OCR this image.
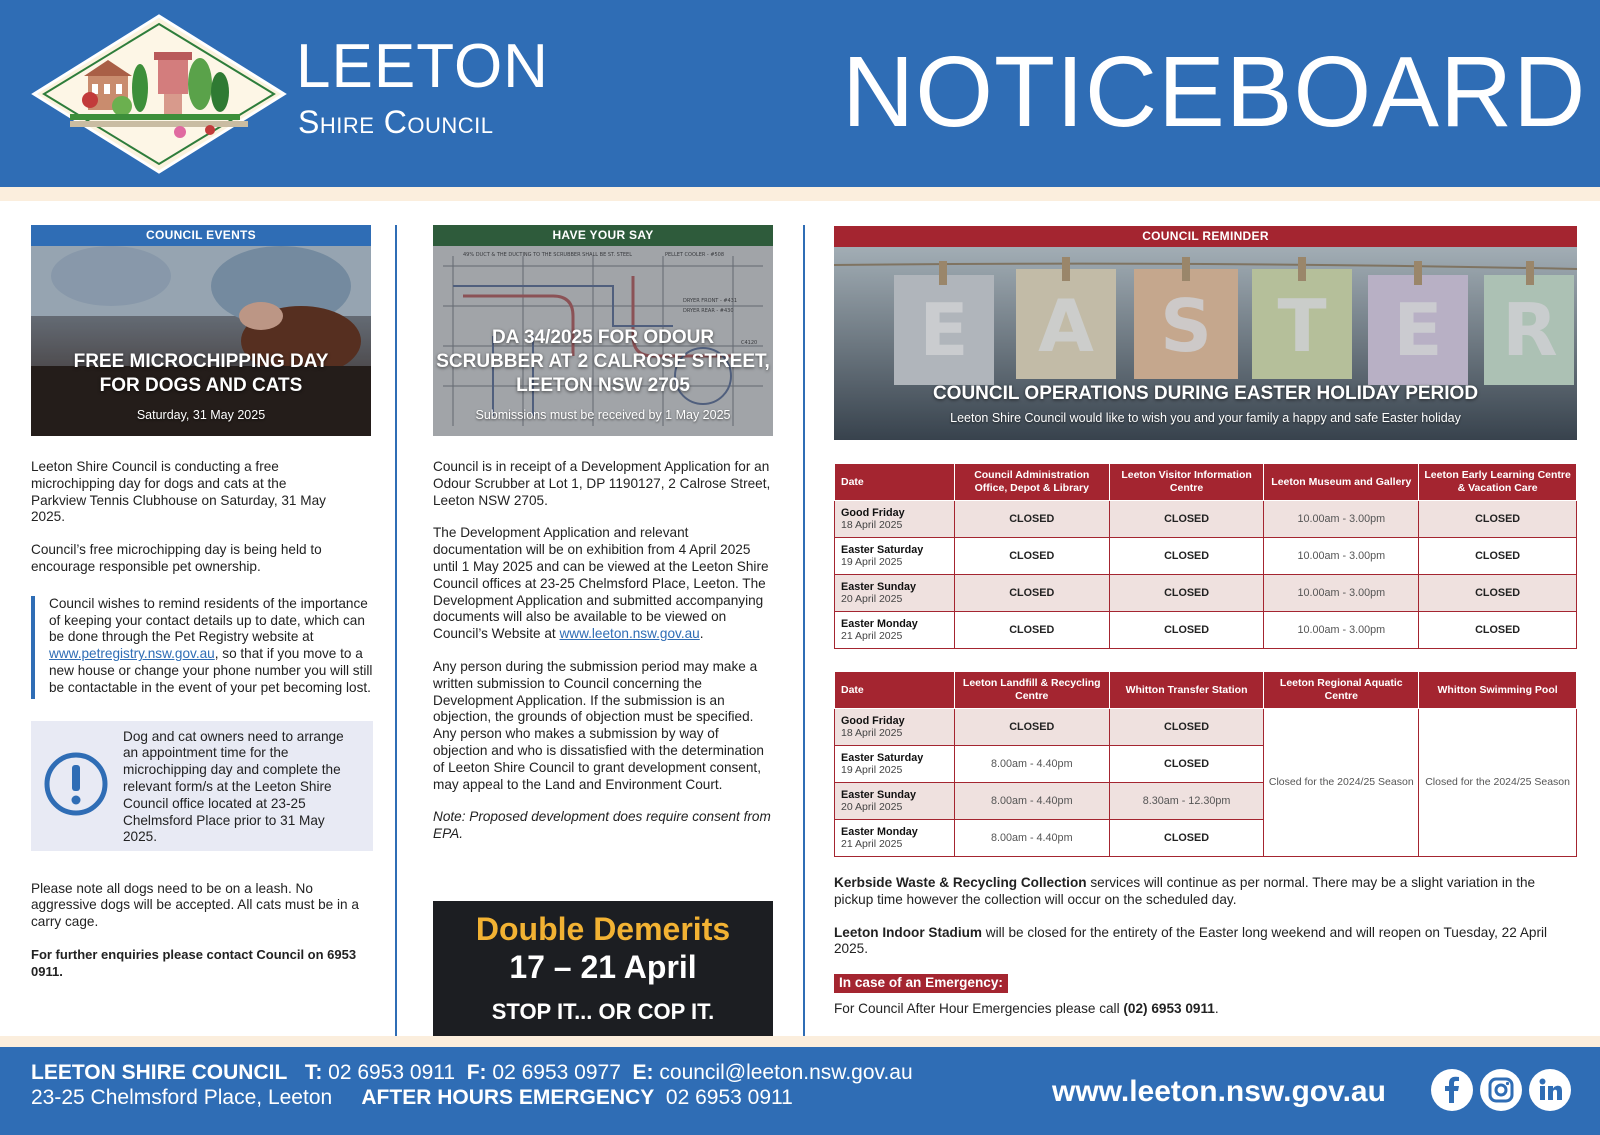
LEETON
Shire Council	NOTICEBOARD
COUNCIL EVENTS
FREE MICROCHIPPING DAY
FOR DOGS AND CATS
Saturday, 31 May 2025

Leeton Shire Council is conducting a free microchipping day for dogs and cats at the Parkview Tennis Clubhouse on Saturday, 31 May 2025.

Council’s free microchipping day is being held to encourage responsible pet ownership.

Council wishes to remind residents of the importance of keeping your contact details up to date, which can be done through the Pet Registry website at www.petregistry.nsw.gov.au, so that if you move to a new house or change your phone number you will still be contactable in the event of your pet becoming lost.
Dog and cat owners need to arrange an appointment time for the microchipping day and complete the relevant form/s at the Leeton Shire Council office located at 23-25 Chelmsford Place prior to 31 May 2025.

Please note all dogs need to be on a leash. No aggressive dogs will be accepted. All cats must be in a carry cage.

For further enquiries please contact Council on 6953 0911.

HAVE YOUR SAY
DA 34/2025 FOR ODOUR
SCRUBBER AT 2 CALROSE STREET,
LEETON NSW 2705
Submissions must be received by 1 May 2025

Council is in receipt of a Development Application for an Odour Scrubber at Lot 1, DP 1190127, 2 Calrose Street, Leeton NSW 2705.

The Development Application and relevant documentation will be on exhibition from 4 April 2025 until 1 May 2025 and can be viewed at the Leeton Shire Council offices at 23-25 Chelmsford Place, Leeton. The Development Application and submitted accompanying documents will also be available to be viewed on Council’s Website at www.leeton.nsw.gov.au.

Any person during the submission period may make a written submission to Council concerning the Development Application. If the submission is an objection, the grounds of objection must be specified. Any person who makes a submission by way of objection and who is dissatisfied with the determination of Leeton Shire Council to grant development consent, may appeal to the Land and Environment Court.

Note: Proposed development does require consent from EPA.

Double Demerits
17 – 21 April
STOP IT... OR COP IT.
COUNCIL REMINDER
COUNCIL OPERATIONS DURING EASTER HOLIDAY PERIOD
Leeton Shire Council would like to wish you and your family a happy and safe Easter holiday
Date	Council Administration Office, Depot & Library	Leeton Visitor Information Centre	Leeton Museum and Gallery	Leeton Early Learning Centre & Vacation Care

Good Friday
18 April 2025	CLOSED	CLOSED	10.00am - 3.00pm	CLOSED

Easter Saturday
19 April 2025	CLOSED	CLOSED	10.00am - 3.00pm	CLOSED

Easter Sunday
20 April 2025	CLOSED	CLOSED	10.00am - 3.00pm	CLOSED

Easter Monday
21 April 2025	CLOSED	CLOSED	10.00am - 3.00pm	CLOSED
Date	Leeton Landfill & Recycling Centre	Whitton Transfer Station	Leeton Regional Aquatic Centre	Whitton Swimming Pool

Good Friday
18 April 2025	CLOSED	CLOSED	Closed for the 2024/25 Season	Closed for the 2024/25 Season

Easter Saturday
19 April 2025	8.00am - 4.40pm	CLOSED		

Easter Sunday
20 April 2025	8.00am - 4.40pm	8.30am - 12.30pm		

Easter Monday
21 April 2025	8.00am - 4.40pm	CLOSED		

Kerbside Waste & Recycling Collection services will continue as per normal. There may be a slight variation in the pickup time however the collection will occur on the scheduled day.

Leeton Indoor Stadium will be closed for the entirety of the Easter long weekend and will reopen on Tuesday, 22 April 2025.

In case of an Emergency:

For Council After Hour Emergencies please call (02) 6953 0911.

LEETON SHIRE COUNCIL T: 02 6953 0911 F: 02 6953 0977 E: council@leeton.nsw.gov.au
23-25 Chelmsford Place, Leeton AFTER HOURS EMERGENCY 02 6953 0911	www.leeton.nsw.gov.au
